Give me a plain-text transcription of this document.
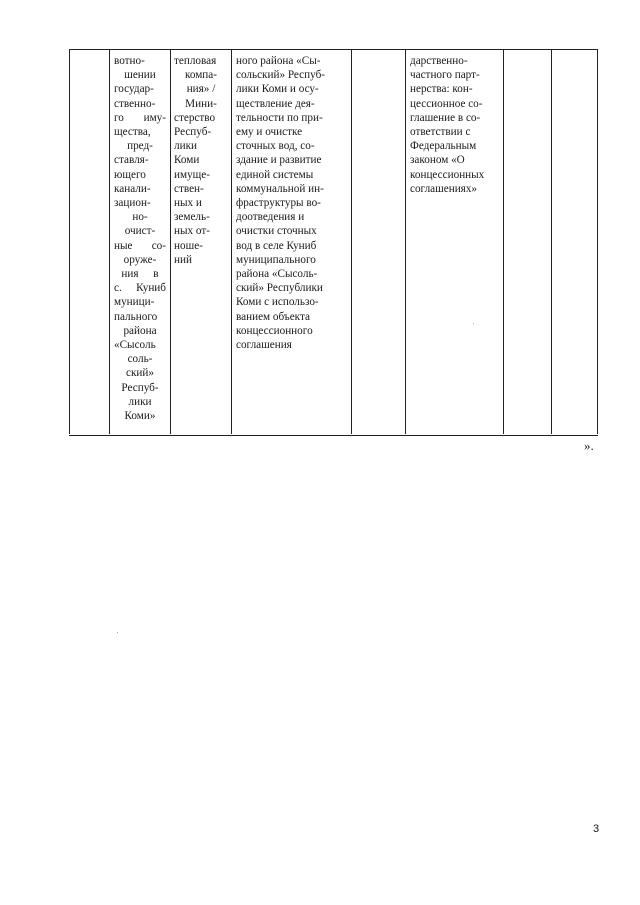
вотно-
шении
государ-
ственно-
го иму-
щества,
пред-
ставля-
ющего
канали-
зацион-
но-
очист-
ные со-
оруже-
ния в
с. Куниб
муници-
пального
района
«Сысоль
соль-
ский»
Респуб-
лики
Коми»
тепловая
компа-
ния» /
Мини-
стерство
Респуб-
лики
Коми
имуще-
ствен-
ных и
земель-
ных от-
ноше-
ний
ного района «Сы-
сольский» Респуб-
лики Коми и осу-
ществление дея-
тельности по при-
ему и очистке
сточных вод, со-
здание и развитие
единой системы
коммунальной ин-
фраструктуры во-
доотведения и
очистки сточных
вод в селе Куниб
муниципального
района «Сысоль-
ский» Республики
Коми с использо-
ванием объекта
концессионного
соглашения
дарственно-
частного парт-
нерства: кон-
цессионное со-
глашение в со-
ответствии с
Федеральным
законом «О
концессионных
соглашениях»
».
3
